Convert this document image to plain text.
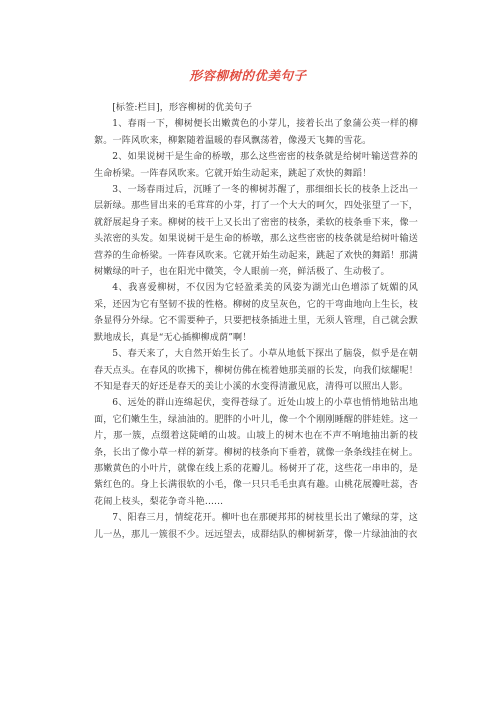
形容柳树的优美句子

[标签:栏目]，形容柳树的优美句子

1、春雨一下，柳树便长出嫩黄色的小芽儿，接着长出了象蒲公英一样的柳絮。一阵风吹来，柳絮随着温暖的春风飘荡着，像漫天飞舞的雪花。

2、如果说树干是生命的桥墩，那么这些密密的枝条就是给树叶输送营养的生命桥梁。一阵春风吹来。它就开始生动起来，跳起了欢快的舞蹈！

3、一场春雨过后，沉睡了一冬的柳树苏醒了，那细细长长的枝条上泛出一层新绿。那些冒出来的毛茸茸的小芽，打了一个大大的呵欠，四处张望了一下，就舒展起身子来。柳树的枝干上又长出了密密的枝条，柔软的枝条垂下来，像一头浓密的头发。如果说树干是生命的桥墩，那么这些密密的枝条就是给树叶输送营养的生命桥梁。一阵春风吹来。它就开始生动起来，跳起了欢快的舞蹈！那满树嫩绿的叶子，也在阳光中微笑，令人眼前一亮，鲜活极了、生动极了。

4、我喜爱柳树，不仅因为它轻盈柔美的风姿为湖光山色增添了妩媚的风采，还因为它有坚韧不拔的性格。柳树的皮呈灰色，它的干弯曲地向上生长，枝条显得分外绿。它不需要种子，只要把枝条插进土里，无须人管理，自己就会默默地成长，真是“无心插柳柳成荫”啊！

5、春天来了，大自然开始生长了。小草从地低下探出了脑袋，似乎是在朝春天点头。在春风的吹拂下，柳树仿佛在梳着她那美丽的长发，向我们炫耀呢！不知是春天的好还是春天的美让小溪的水变得清澈见底，清得可以照出人影。

6、远处的群山连绵起伏，变得苍绿了。近处山坡上的小草也悄悄地钻出地面，它们嫩生生，绿油油的。肥胖的小叶儿，像一个个刚刚睡醒的胖娃娃。这一片，那一簇，点缀着这陡峭的山坡。山坡上的树木也在不声不响地抽出新的枝条，长出了像小草一样的新芽。柳树的枝条向下垂着，就像一条条线挂在树上。那嫩黄色的小叶片，就像在线上系的花瓣儿。杨树开了花，这些花一串串的，是紫红色的。身上长满很软的小毛，像一只只毛毛虫真有趣。山桃花展瓣吐蕊，杏花闹上枝头，梨花争奇斗艳......

7、阳春三月，情绽花开。柳叶也在那硬邦邦的树枝里长出了嫩绿的芽，这儿一丛，那儿一簇很不少。远远望去，成群结队的柳树新芽，像一片绿油油的衣
